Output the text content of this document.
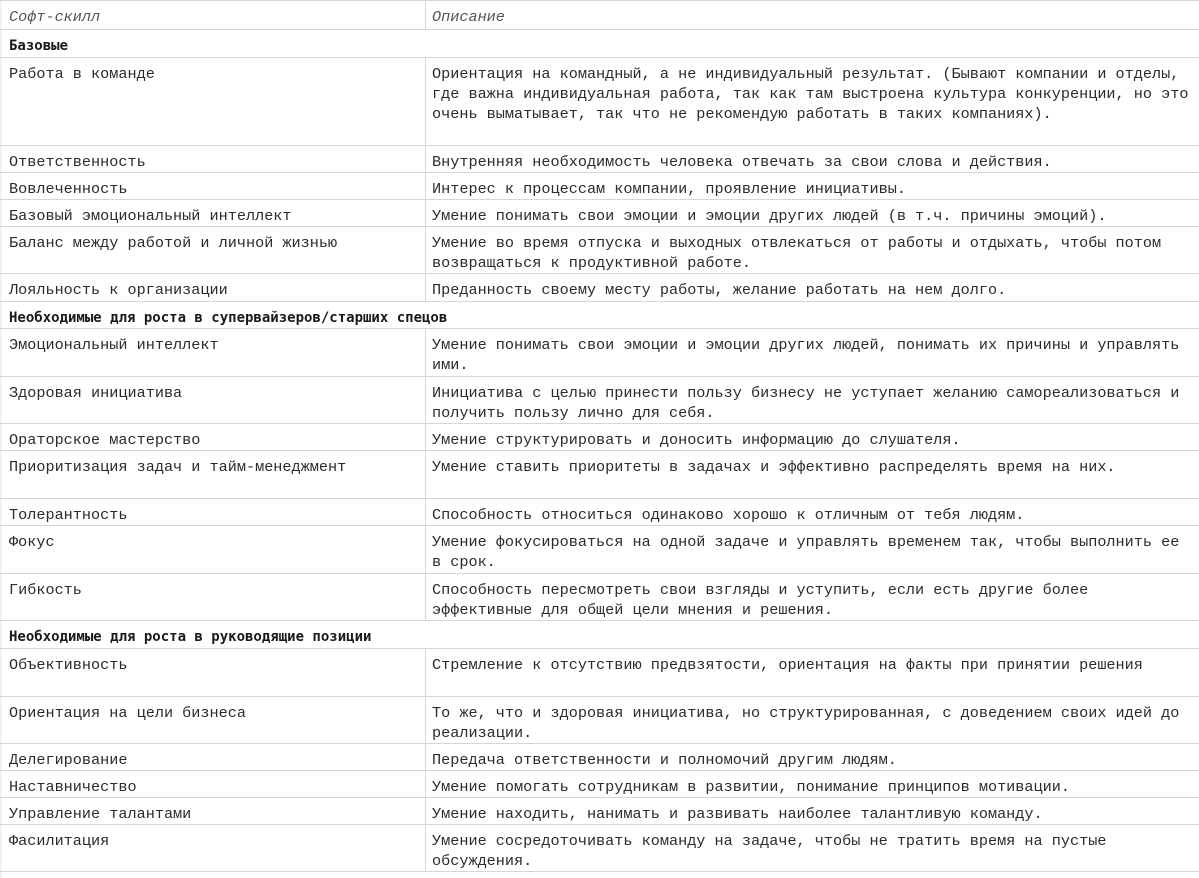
Софт-скилл	Описание
Базовые
Работа в команде	Ориентация на командный, а не индивидуальный результат. (Бывают компании и отделы, где важна индивидуальная работа, так как там выстроена культура конкуренции, но это очень выматывает, так что не рекомендую работать в таких компаниях).
Ответственность	Внутренняя необходимость человека отвечать за свои слова и действия.
Вовлеченность	Интерес к процессам компании, проявление инициативы.
Базовый эмоциональный интеллект	Умение понимать свои эмоции и эмоции других людей (в т.ч. причины эмоций).
Баланс между работой и личной жизнью	Умение во время отпуска и выходных отвлекаться от работы и отдыхать, чтобы потом возвращаться к продуктивной работе.
Лояльность к организации	Преданность своему месту работы, желание работать на нем долго.
Необходимые для роста в супервайзеров/старших спецов
Эмоциональный интеллект	Умение понимать свои эмоции и эмоции других людей, понимать их причины и управлять ими.
Здоровая инициатива	Инициатива с целью принести пользу бизнесу не уступает желанию самореализоваться и получить пользу лично для себя.
Ораторское мастерство	Умение структурировать и доносить информацию до слушателя.
Приоритизация задач и тайм-менеджмент	Умение ставить приоритеты в задачах и эффективно распределять время на них.
Толерантность	Способность относиться одинаково хорошо к отличным от тебя людям.
Фокус	Умение фокусироваться на одной задаче и управлять временем так, чтобы выполнить ее в срок.
Гибкость	Способность пересмотреть свои взгляды и уступить, если есть другие более эффективные для общей цели мнения и решения.
Необходимые для роста в руководящие позиции
Объективность	Стремление к отсутствию предвзятости, ориентация на факты при принятии решения
Ориентация на цели бизнеса	То же, что и здоровая инициатива, но структурированная, с доведением своих идей до реализации.
Делегирование	Передача ответственности и полномочий другим людям.
Наставничество	Умение помогать сотрудникам в развитии, понимание принципов мотивации.
Управление талантами	Умение находить, нанимать и развивать наиболее талантливую команду.
Фасилитация	Умение сосредоточивать команду на задаче, чтобы не тратить время на пустые обсуждения.
